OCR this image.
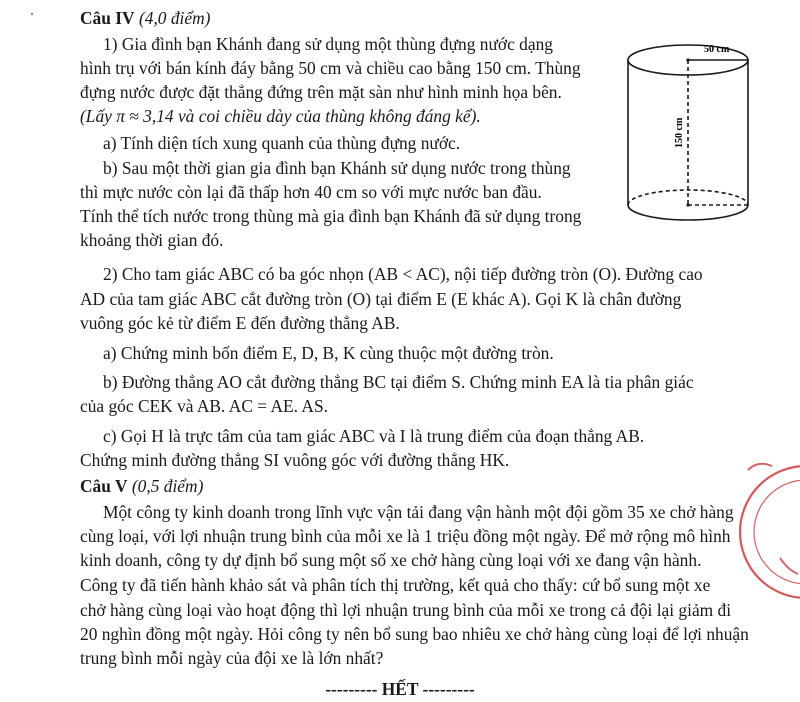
Câu IV (4,0 điểm)
1) Gia đình bạn Khánh đang sử dụng một thùng đựng nước dạng
hình trụ với bán kính đáy bằng 50 cm và chiều cao bằng 150 cm. Thùng
đựng nước được đặt thẳng đứng trên mặt sàn như hình minh họa bên.
(Lấy π ≈ 3,14 và coi chiều dày của thùng không đáng kể).
a) Tính diện tích xung quanh của thùng đựng nước.
b) Sau một thời gian gia đình bạn Khánh sử dụng nước trong thùng
thì mực nước còn lại đã thấp hơn 40 cm so với mực nước ban đầu.
Tính thể tích nước trong thùng mà gia đình bạn Khánh đã sử dụng trong
khoảng thời gian đó.
50 cm
150 cm
2) Cho tam giác ABC có ba góc nhọn (AB < AC), nội tiếp đường tròn (O). Đường cao
AD của tam giác ABC cắt đường tròn (O) tại điểm E (E khác A). Gọi K là chân đường
vuông góc kẻ từ điểm E đến đường thẳng AB.
a) Chứng minh bốn điểm E, D, B, K cùng thuộc một đường tròn.
b) Đường thẳng AO cắt đường thẳng BC tại điểm S. Chứng minh EA là tia phân giác
của góc CEK và AB. AC = AE. AS.
c) Gọi H là trực tâm của tam giác ABC và I là trung điểm của đoạn thẳng AB.
Chứng minh đường thẳng SI vuông góc với đường thẳng HK.
Câu V (0,5 điểm)
Một công ty kinh doanh trong lĩnh vực vận tải đang vận hành một đội gồm 35 xe chở hàng
cùng loại, với lợi nhuận trung bình của mỗi xe là 1 triệu đồng một ngày. Để mở rộng mô hình
kinh doanh, công ty dự định bổ sung một số xe chở hàng cùng loại với xe đang vận hành.
Công ty đã tiến hành khảo sát và phân tích thị trường, kết quả cho thấy: cứ bổ sung một xe
chở hàng cùng loại vào hoạt động thì lợi nhuận trung bình của mỗi xe trong cả đội lại giảm đi
20 nghìn đồng một ngày. Hỏi công ty nên bổ sung bao nhiêu xe chở hàng cùng loại để lợi nhuận
trung bình mỗi ngày của đội xe là lớn nhất?
--------- HẾT ---------
